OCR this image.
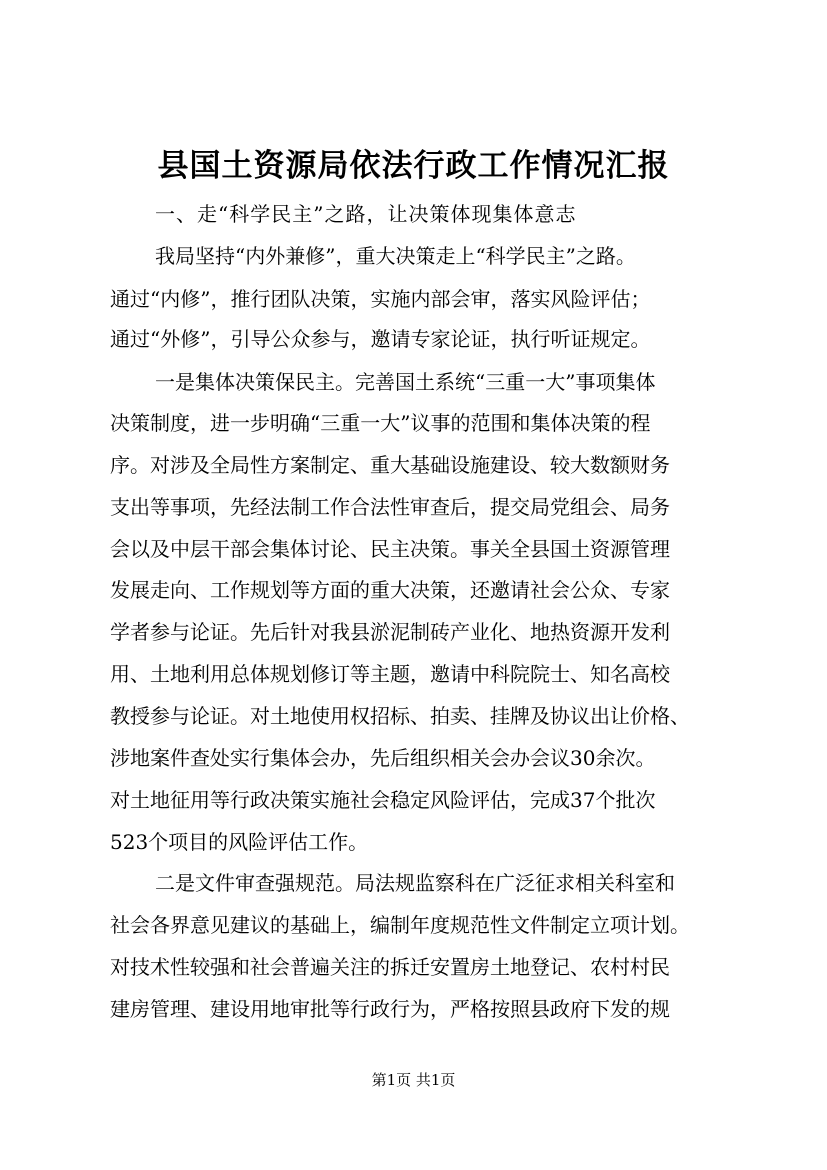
县国土资源局依法行政工作情况汇报

一、走“科学民主”之路，让决策体现集体意志

我局坚持“内外兼修”，重大决策走上“科学民主”之路。

通过“内修”，推行团队决策，实施内部会审，落实风险评估；

通过“外修”，引导公众参与，邀请专家论证，执行听证规定。

一是集体决策保民主。完善国土系统“三重一大”事项集体

决策制度，进一步明确“三重一大”议事的范围和集体决策的程

序。对涉及全局性方案制定、重大基础设施建设、较大数额财务

支出等事项，先经法制工作合法性审查后，提交局党组会、局务

会以及中层干部会集体讨论、民主决策。事关全县国土资源管理

发展走向、工作规划等方面的重大决策，还邀请社会公众、专家

学者参与论证。先后针对我县淤泥制砖产业化、地热资源开发利

用、土地利用总体规划修订等主题，邀请中科院院士、知名高校

教授参与论证。对土地使用权招标、拍卖、挂牌及协议出让价格、

涉地案件查处实行集体会办，先后组织相关会办会议30余次。

对土地征用等行政决策实施社会稳定风险评估，完成37个批次

523个项目的风险评估工作。

二是文件审查强规范。局法规监察科在广泛征求相关科室和

社会各界意见建议的基础上，编制年度规范性文件制定立项计划。

对技术性较强和社会普遍关注的拆迁安置房土地登记、农村村民

建房管理、建设用地审批等行政行为，严格按照县政府下发的规

第1页 共1页
